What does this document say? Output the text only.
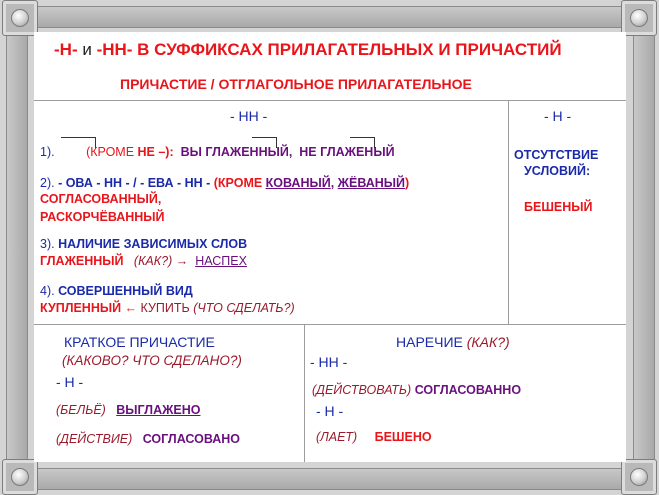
-Н- и -НН- В СУФФИКСАХ ПРИЛАГАТЕЛЬНЫХ И ПРИЧАСТИЙ
ПРИЧАСТИЕ / ОТГЛАГОЛЬНОЕ ПРИЛАГАТЕЛЬНОЕ
- НН -
1). (КРОМЕ НЕ –): ВЫ ГЛАЖЕННЫЙ, НЕ ГЛАЖЕНЫЙ
2). - ОВА - НН - / - ЕВА - НН - (КРОМЕ КОВАНЫЙ, ЖЁВАНЫЙ)
СОГЛАСОВАННЫЙ,
РАСКОРЧЁВАННЫЙ
3). НАЛИЧИЕ ЗАВИСИМЫХ СЛОВ
ГЛАЖЕННЫЙ (КАК?) → НАСПЕХ
4). СОВЕРШЕННЫЙ ВИД
КУПЛЕННЫЙ ← КУПИТЬ (ЧТО СДЕЛАТЬ?)
- Н -
ОТСУТСТВИЕ
УСЛОВИЙ:
БЕШЕНЫЙ
КРАТКОЕ ПРИЧАСТИЕ
(КАКОВО? ЧТО СДЕЛАНО?)
- Н -
(БЕЛЬЁ) ВЫГЛАЖЕНО
(ДЕЙСТВИЕ) СОГЛАСОВАНО
НАРЕЧИЕ (КАК?)
- НН -
(ДЕЙСТВОВАТЬ) СОГЛАСОВАННО
- Н -
(ЛАЕТ) БЕШЕНО
